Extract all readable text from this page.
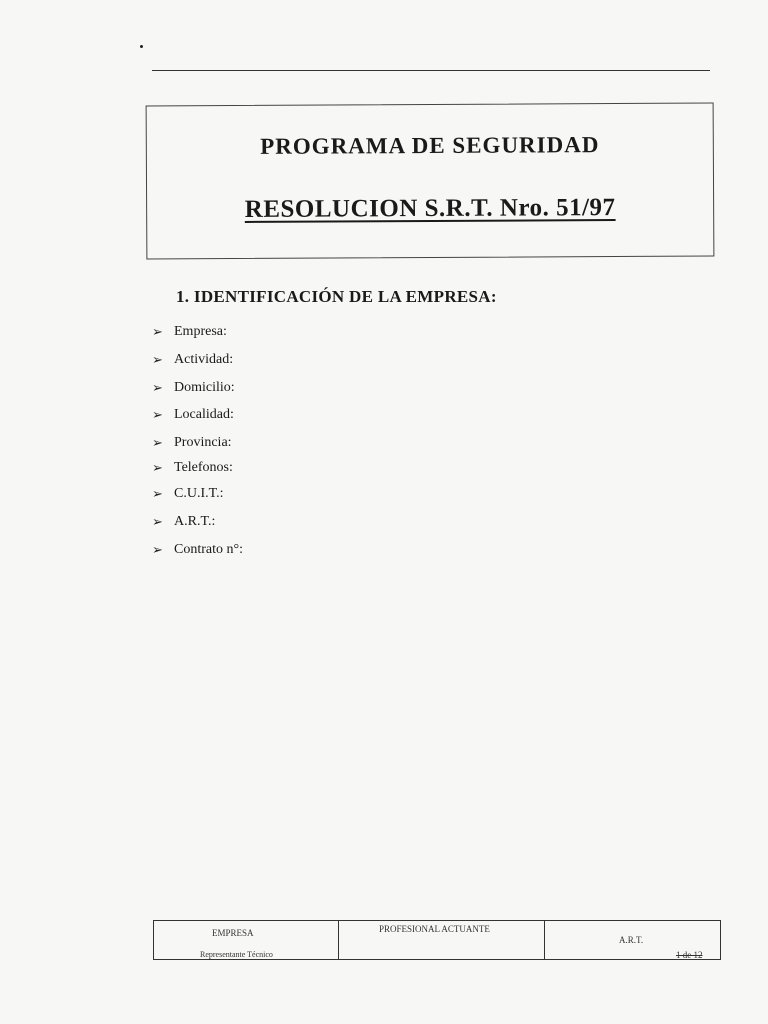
PROGRAMA DE SEGURIDAD
RESOLUCION S.R.T. Nro. 51/97
1. IDENTIFICACIÓN DE LA EMPRESA:
➢ Empresa:
➢ Actividad:
➢ Domicilio:
➢ Localidad:
➢ Provincia:
➢ Telefonos:
➢ C.U.I.T.:
➢ A.R.T.:
➢ Contrato n°:
EMPRESA
Representante Técnico
PROFESIONAL ACTUANTE
A.R.T.
1 de 12
